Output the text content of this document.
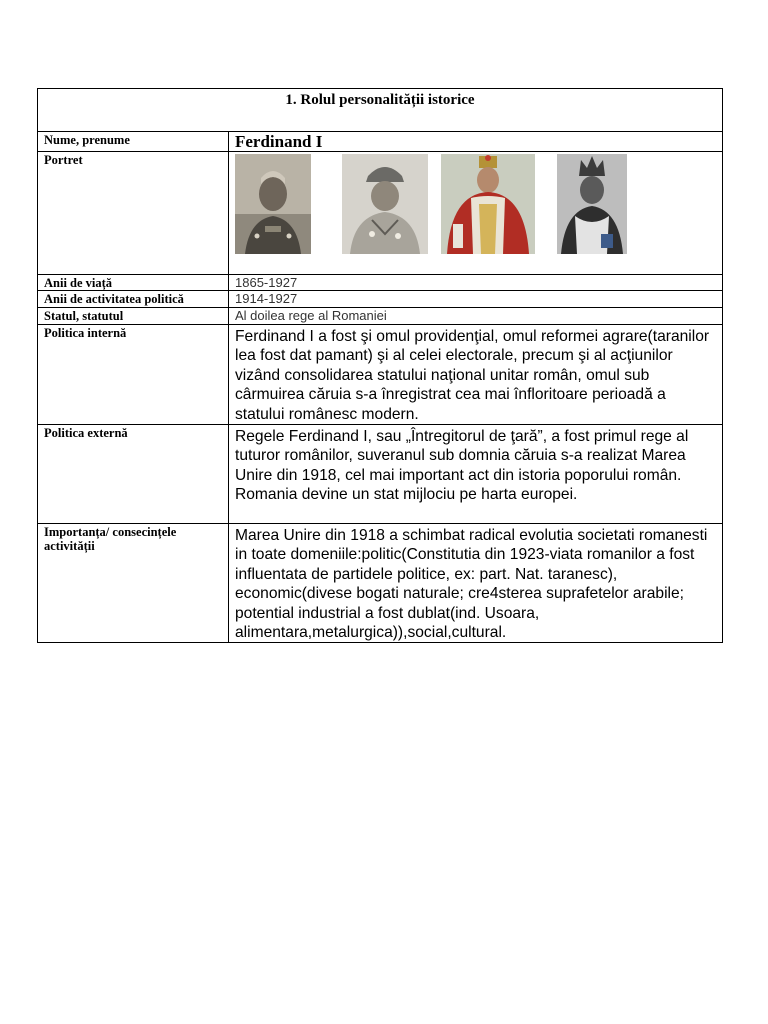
1. Rolul personalității istorice	
Nume, prenume	Ferdinand I
Portret	

Anii de viață	1865-1927
Anii de activitatea politică	1914-1927
Statul, statutul	Al doilea rege al Romaniei
Politica internă	Ferdinand I a fost şi omul providenţial, omul reformei agrare(taranilor lea fost dat pamant) şi al celei electorale, precum şi al acţiunilor vizând consolidarea statului naţional unitar român, omul sub cârmuirea căruia s-a înregistrat cea mai înfloritoare perioadă a statului românesc modern.
Politica externă	Regele Ferdinand I, sau „Întregitorul de ţară”, a fost primul rege al tuturor românilor, suveranul sub domnia căruia s-a realizat Marea Unire din 1918, cel mai important act din istoria poporului român. Romania devine un stat mijlociu pe harta europei.
Importanța/ consecințele activității	Marea Unire din 1918 a schimbat radical evolutia societati romanesti in toate domeniile:politic(Constitutia din 1923-viata romanilor a fost influentata de partidele politice, ex: part. Nat. taranesc), economic(divese bogati naturale; cre4sterea suprafetelor arabile; potential industrial a fost dublat(ind. Usoara, alimentara,metalurgica)),social,cultural.
